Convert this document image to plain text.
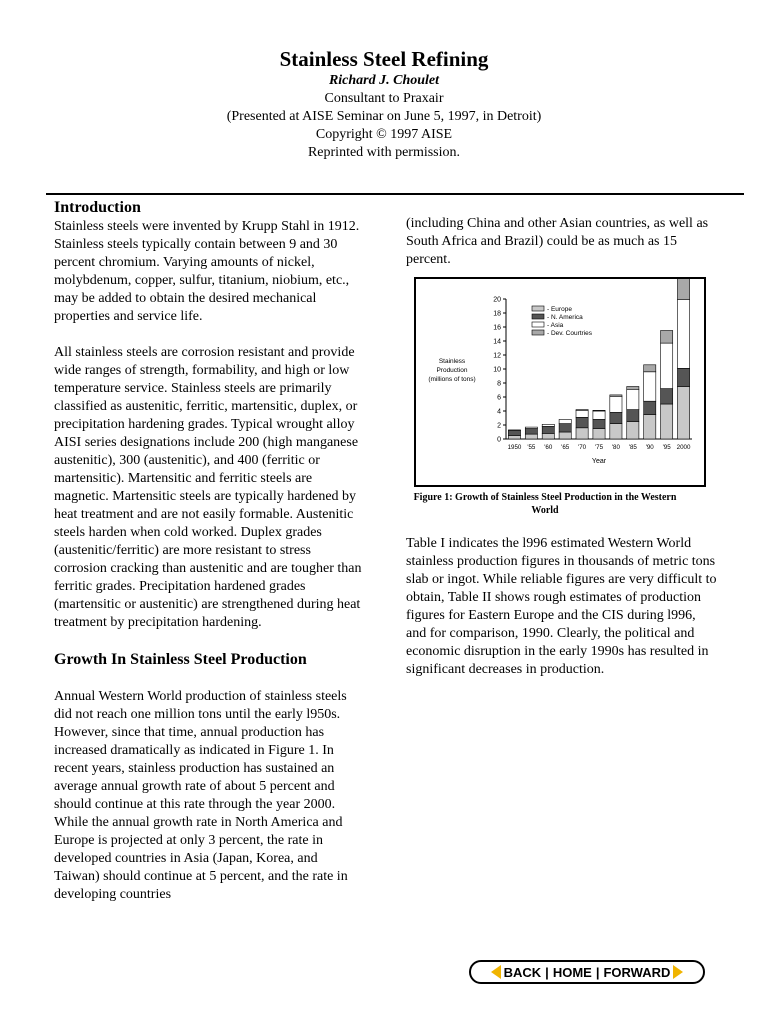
Stainless Steel Refining
Richard J. Choulet
Consultant to Praxair
(Presented at AISE Seminar on June 5, 1997, in Detroit)
Copyright © 1997 AISE
Reprinted with permission.
Introduction

Stainless steels were invented by Krupp Stahl in 1912. Stainless steels typically contain between 9 and 30 percent chromium. Varying amounts of nickel, molybdenum, copper, sulfur, titanium, niobium, etc., may be added to obtain the desired mechanical properties and service life.

All stainless steels are corrosion resistant and provide wide ranges of strength, formability, and high or low temperature service. Stainless steels are primarily classified as austenitic, ferritic, martensitic, duplex, or precipitation hardening grades. Typical wrought alloy AISI series designations include 200 (high manganese austenitic), 300 (austenitic), and 400 (ferritic or martensitic). Martensitic and ferritic steels are magnetic. Martensitic steels are typically hardened by heat treatment and are not easily formable. Austenitic steels harden when cold worked. Duplex grades (austenitic/ferritic) are more resistant to stress corrosion cracking than austenitic and are tougher than ferritic grades. Precipitation hardened grades (martensitic or austenitic) are strengthened during heat treatment by precipitation hardening.

Growth In Stainless Steel Production

Annual Western World production of stainless steels did not reach one million tons until the early l950s. However, since that time, annual production has increased dramatically as indicated in Figure 1. In recent years, stainless production has sustained an average annual growth rate of about 5 percent and should continue at this rate through the year 2000. While the annual growth rate in North America and Europe is projected at only 3 percent, the rate in developed countries in Asia (Japan, Korea, and Taiwan) should continue at 5 percent, and the rate in developing countries

(including China and other Asian countries, as well as South Africa and Brazil) could be as much as 15 percent.

0
2
4
6
8
10
12
14
16
18
20
Stainless
Production
(millions of tons)
1950 '55 '60 '65 '70 '75 '80 '85 '90 '95 2000
Year
- Europe
- N. America
- Asia
- Dev. Courtries
Figure 1: Growth of Stainless Steel Production in the Western World

Table I indicates the l996 estimated Western World stainless production figures in thousands of metric tons slab or ingot. While reliable figures are very difficult to obtain, Table II shows rough estimates of production figures for Eastern Europe and the CIS during l996, and for comparison, 1990. Clearly, the political and economic disruption in the early 1990s has resulted in significant decreases in production.

BACK | HOME | FORWARD
